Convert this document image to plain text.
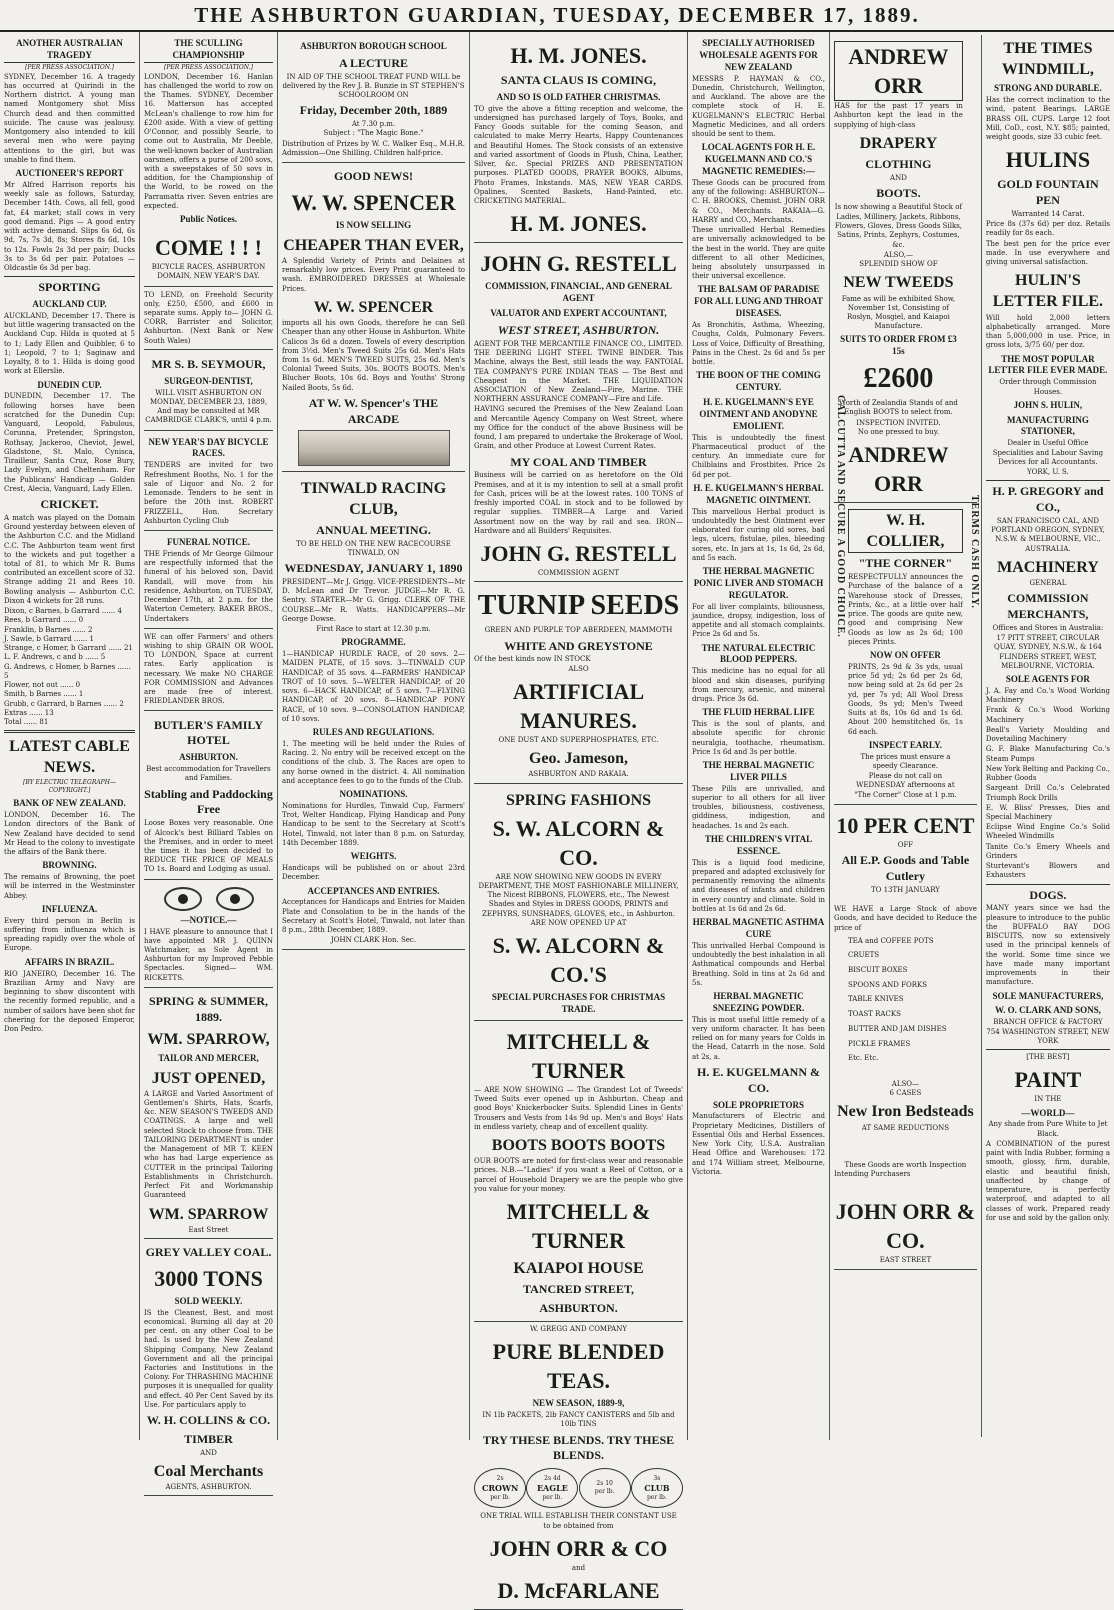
THE ASHBURTON GUARDIAN, TUESDAY, DECEMBER 17, 1889.
ANOTHER AUSTRALIAN TRAGEDY
[PER PRESS ASSOCIATION.]
SYDNEY, December 16. A tragedy has occurred at Quirindi in the Northern district. A young man named Montgomery shot Miss Church dead and then committed suicide. The cause was jealousy. Montgomery also intended to kill several men who were paying attentions to the girl, but was unable to find them.
AUCTIONEER'S REPORT
Mr Alfred Harrison reports his weekly sale as follows, Saturday, December 14th. Cows, all fell, good fat, £4 market; stall cows in very good demand. Pigs — A good entry with active demand. Slips 6s 6d, 6s 9d, 7s, 7s 3d, 8s; Stores 8s 6d, 10s to 12s. Fowls 2s 3d per pair; Ducks 3s to 3s 6d per pair. Potatoes — Oldcastle 6s 3d per bag.
SPORTING
AUCKLAND CUP.
AUCKLAND, December 17. There is but little wagering transacted on the Auckland Cup. Hilda is quoted at 5 to 1; Lady Ellen and Quibbler, 6 to 1; Leopold, 7 to 1; Saginaw and Loyalty, 8 to 1. Hilda is doing good work at Ellerslie.
DUNEDIN CUP.
DUNEDIN, December 17. The following horses have been scratched for the Dunedin Cup: Vanguard, Leopold, Fabulous, Corunna, Pretender, Springston, Rothsay, Jackeroo, Cheviot, Jewel, Gladstone, St. Malo, Cynisca, Tirailleur, Santa Cruz, Rose Bury, Lady Evelyn, and Cheltenham. For the Publicans' Handicap — Golden Crest, Alecia, Vanguard, Lady Ellen.
CRICKET.
A match was played on the Domain Ground yesterday between eleven of the Ashburton C.C. and the Midland C.C. The Ashburton team went first to the wickets and put together a total of 81, to which Mr R. Bums contributed an excellent score of 32. Strange adding 21 and Rees 10. Bowling analysis — Ashburton C.C. Dixon 4 wickets for 28 runs.
Dixon, c Barnes, b Garrard ...... 4
Rees, b Garrard ...... 0
Franklin, b Barnes ...... 2
J. Sawle, b Garrard ...... 1
Strange, c Homer, b Garrard ...... 21
L. F. Andrews, c and b ...... 5
G. Andrews, c Homer, b Barnes ...... 5
Flower, not out ...... 0
Smith, b Barnes ...... 1
Grubb, c Garrard, b Barnes ...... 2
Extras ...... 13
Total ...... 81
LATEST CABLE NEWS.
[BY ELECTRIC TELEGRAPH—COPYRIGHT.]
BANK OF NEW ZEALAND.
LONDON, December 16. The London directors of the Bank of New Zealand have decided to send Mr Head to the colony to investigate the affairs of the Bank there.
BROWNING.
The remains of Browning, the poet will be interred in the Westminster Abbey.
INFLUENZA.
Every third person in Berlin is suffering from influenza which is spreading rapidly over the whole of Europe.
AFFAIRS IN BRAZIL.
RIO JANEIRO, December 16. The Brazilian Army and Navy are beginning to show discontent with the recently formed republic, and a number of sailors have been shot for cheering for the deposed Emperor, Don Pedro.
THE SCULLING CHAMPIONSHIP
[PER PRESS ASSOCIATION.]
LONDON, December 16. Hanlan has challenged the world to row on the Thames. SYDNEY, December 16. Matterson has accepted McLean's challenge to row him for £200 aside. With a view of getting O'Connor, and possibly Searle, to come out to Australia, Mr Deeble, the well-known backer of Australian oarsmen, offers a purse of 200 sovs, with a sweepstakes of 50 sovs in addition, for the Championship of the World, to be rowed on the Parramatta river. Seven entries are expected.
Public Notices.
COME ! ! !
BICYCLE RACES, ASHBURTON DOMAIN, NEW YEAR'S DAY.
TO LEND, on Freehold Security only, £250, £500, and £600 in separate sums. Apply to— JOHN G. CORR, Barrister and Solicitor, Ashburton. (Next Bank or New South Wales)
MR S. B. SEYMOUR,
SURGEON-DENTIST,
WILL VISIT ASHBURTON ON MONDAY, DECEMBER 23, 1889, And may be consulted at MR CAMBRIDGE CLARK'S, until 4 p.m.
NEW YEAR'S DAY BICYCLE RACES.
TENDERS are invited for two Refreshment Booths, No. 1 for the sale of Liquor and No. 2 for Lemonade. Tenders to be sent in before the 20th inst. ROBERT FRIZZELL, Hon. Secretary Ashburton Cycling Club
FUNERAL NOTICE.
THE Friends of Mr George Gilmour are respectfully informed that the funeral of his beloved son, David Randall, will move from his residence, Ashburton, on TUESDAY, December 17th, at 2 p.m. for the Waterton Cemetery. BAKER BROS., Undertakers
WE can offer Farmers' and others wishing to ship GRAIN OR WOOL TO LONDON, Space at current rates. Early application is necessary. We make NO CHARGE FOR COMMISSION and Advances are made free of interest. FRIEDLANDER BROS.
BUTLER'S FAMILY HOTEL
ASHBURTON.
Best accommodation for Travellers and Families.
Stabling and Paddocking Free
Loose Boxes very reasonable. One of Alcock's best Billiard Tables on the Premises, and in order to meet the times it has been decided to REDUCE THE PRICE OF MEALS TO 1s. Board and Lodging as usual.
—NOTICE.—
I HAVE pleasure to announce that I have appointed MR J. QUINN Watchmaker, as Sole Agent in Ashburton for my Improved Pebble Spectacles. Signed— WM. RICKETTS.
SPRING & SUMMER, 1889.
WM. SPARROW,
TAILOR AND MERCER,
JUST OPENED,
A LARGE and Varied Assortment of Gentlemen's Shirts, Hats, Scarfs, &c. NEW SEASON'S TWEEDS AND COATINGS. A large and well selected Stock to choose from. THE TAILORING DEPARTMENT is under the Management of MR T. KEEN who has had Large experience as CUTTER in the principal Tailoring Establishments in Christchurch. Perfect Fit and Workmanship Guaranteed
WM. SPARROW
East Street
GREY VALLEY COAL.
3000 TONS
SOLD WEEKLY.
IS the Cleanest, Best, and most economical. Burning all day at 20 per cent. on any other Coal to be had. Is used by the New Zealand Shipping Company, New Zealand Government and all the principal Factories and Institutions in the Colony. For THRASHING MACHINE purposes it is unequalled for quality and effect. 40 Per Cent Saved by its Use. For particulars apply to
W. H. COLLINS & CO.
TIMBER
AND
Coal Merchants
AGENTS, ASHBURTON.
ASHBURTON BOROUGH SCHOOL
A LECTURE
IN AID OF THE SCHOOL TREAT FUND WILL be delivered by the Rev J. B. Bunzie in ST STEPHEN'S SCHOOLROOM ON
Friday, December 20th, 1889
At 7.30 p.m.
Subject : "The Magic Bone."
Distribution of Prizes by W. C. Walker Esq., M.H.R. Admission—One Shilling. Children half-price.
GOOD NEWS!
W. W. SPENCER
IS NOW SELLING
CHEAPER THAN EVER,
A Splendid Variety of Prints and Delaines at remarkably low prices. Every Print guaranteed to wash. EMBROIDERED DRESSES at Wholesale Prices.
W. W. SPENCER
imports all his own Goods, therefore he can Sell Cheaper than any other House in Ashburton. White Calicos 3s 6d a dozen. Towels of every description from 3½d. Men's Tweed Suits 25s 6d. Men's Hats from 1s 6d. MEN'S TWEED SUITS, 25s 6d. Men's Colonial Tweed Suits, 30s. BOOTS BOOTS. Men's Blucher Boots, 10s 6d. Boys and Youths' Strong Nailed Boots, 5s 6d.
AT W. W. Spencer's THE ARCADE
TINWALD RACING CLUB,
ANNUAL MEETING.
TO BE HELD ON THE NEW RACECOURSE TINWALD, ON
WEDNESDAY, JANUARY 1, 1890
PRESIDENT—Mr J. Grigg. VICE-PRESIDENTS—Mr D. McLean and Dr Trevor. JUDGE—Mr R. G. Sentry. STARTER—Mr G. Grigg. CLERK OF THE COURSE—Mr R. Watts. HANDICAPPERS—Mr George Dowse.
First Race to start at 12.30 p.m.
PROGRAMME.
1—HANDICAP HURDLE RACE, of 20 sovs. 2—MAIDEN PLATE, of 15 sovs. 3—TINWALD CUP HANDICAP, of 35 sovs. 4—FARMERS' HANDICAP TROT of 10 sovs. 5—WELTER HANDICAP, of 20 sovs. 6—HACK HANDICAP, of 5 sovs. 7—FLYING HANDICAP, of 20 sovs. 8—HANDICAP PONY RACE, of 10 sovs. 9—CONSOLATION HANDICAP, of 10 sovs.
RULES AND REGULATIONS.
1. The meeting will be held under the Rules of Racing. 2. No entry will be received except on the conditions of the club. 3. The Races are open to any horse owned in the district. 4. All nomination and acceptance fees to go to the funds of the Club.
NOMINATIONS.
Nominations for Hurdles, Tinwald Cup, Farmers' Trot, Welter Handicap, Flying Handicap and Pony Handicap to be sent to the Secretary at Scott's Hotel, Tinwald, not later than 8 p.m. on Saturday, 14th December 1889.
WEIGHTS.
Handicaps will be published on or about 23rd December.
ACCEPTANCES AND ENTRIES.
Acceptances for Handicaps and Entries for Maiden Plate and Consolation to be in the hands of the Secretary at Scott's Hotel, Tinwald, not later than 8 p.m., 28th December, 1889.
JOHN CLARK Hon. Sec.
H. M. JONES.
SANTA CLAUS IS COMING,
AND SO IS OLD FATHER CHRISTMAS.
TO give the above a fitting reception and welcome, the undersigned has purchased largely of Toys, Books, and Fancy Goods suitable for the coming Season, and calculated to make Merry Hearts, Happy Countenances and Beautiful Homes. The Stock consists of an extensive and varied assortment of Goods in Plush, China, Leather, Silver, &c. Special PRIZES AND PRESENTATION purposes. PLATED GOODS, PRAYER BOOKS, Albums, Photo Frames, Inkstands. MAS, NEW YEAR CARDS. Opalines, Scented Baskets, Hand-Painted, etc. CRICKETING MATERIAL.
H. M. JONES.
JOHN G. RESTELL
COMMISSION, FINANCIAL, AND GENERAL AGENT
VALUATOR AND EXPERT ACCOUNTANT,
WEST STREET, ASHBURTON.
AGENT FOR THE MERCANTILE FINANCE CO., LIMITED. THE DEERING LIGHT STEEL TWINE BINDER. This Machine, always the Best, still leads the way. FANTOIAL TEA COMPANY'S PURE INDIAN TEAS — The Best and Cheapest in the Market. THE LIQUIDATION ASSOCIATION of New Zealand—Fire, Marine. THE NORTHERN ASSURANCE COMPANY—Fire and Life.
HAVING secured the Premises of the New Zealand Loan and Mercantile Agency Company on West Street, where my Office for the conduct of the above Business will be found, I am prepared to undertake the Brokerage of Wool, Grain, and other Produce at Lowest Current Rates.
MY COAL AND TIMBER
Business will be carried on as heretofore on the Old Premises, and at it is my intention to sell at a small profit for Cash, prices will be at the lowest rates. 100 TONS of freshly imported COAL in stock and to be followed by regular supplies. TIMBER—A Large and Varied Assortment now on the way by rail and sea. IRON—Hardware and all Builders' Requisites.
JOHN G. RESTELL
COMMISSION AGENT
TURNIP SEEDS
GREEN AND PURPLE TOP ABERDEEN, MAMMOTH
WHITE AND GREYSTONE
Of the best kinds now IN STOCK
ALSO
ARTIFICIAL MANURES.
ONE DUST AND SUPERPHOSPHATES, ETC.
Geo. Jameson,
ASHBURTON AND RAKAIA.
SPRING FASHIONS
S. W. ALCORN & CO.
ARE NOW SHOWING NEW GOODS IN EVERY DEPARTMENT, THE MOST FASHIONABLE MILLINERY, The Nicest RIBBONS, FLOWERS, etc., The Newest Shades and Styles in DRESS GOODS, PRINTS and ZEPHYRS, SUNSHADES, GLOVES, etc., in Ashburton. ARE NOW OPENED UP AT
S. W. ALCORN & CO.'S
SPECIAL PURCHASES FOR CHRISTMAS TRADE.
MITCHELL & TURNER
— ARE NOW SHOWING — The Grandest Lot of Tweeds' Tweed Suits ever opened up in Ashburton. Cheap and good Boys' Knickerbocker Suits. Splendid Lines in Gents' Trousers and Vests from 14s 9d up. Men's and Boys' Hats in endless variety, cheap and of excellent quality.
BOOTS BOOTS BOOTS
OUR BOOTS are noted for first-class wear and reasonable prices. N.B.—"Ladies" if you want a Reel of Cotton, or a parcel of Household Drapery we are the people who give you value for your money.
MITCHELL & TURNER
KAIAPOI HOUSE
TANCRED STREET,
ASHBURTON.
W. GREGG AND COMPANY
PURE BLENDED TEAS.
NEW SEASON, 1889-9,
IN 1lb PACKETS, 2lb FANCY CANISTERS and 5lb and 10lb TINS
TRY THESE BLENDS. TRY THESE BLENDS.
2s
CROWN
per lb.
2s 4d
EAGLE
per lb.
2s 10
per lb.
3s
CLUB
per lb.
ONE TRIAL WILL ESTABLISH THEIR CONSTANT USE
to be obtained from
JOHN ORR & CO
and
D. McFARLANE
SPECIALLY AUTHORISED WHOLESALE AGENTS FOR NEW ZEALAND
MESSRS P. HAYMAN & CO., Dunedin, Christchurch, Wellington, and Auckland. The above are the complete stock of H. E. KUGELMANN'S ELECTRIC Herbal Magnetic Medicines, and all orders should be sent to them.
LOCAL AGENTS FOR H. E. KUGELMANN AND CO.'S MAGNETIC REMEDIES:—
These Goods can be procured from any of the following: ASHBURTON—C. H. BROOKS, Chemist. JOHN ORR & CO., Merchants. RAKAIA—G. HARRY and CO., Merchants.
These unrivalled Herbal Remedies are universally acknowledged to be the best in the world. They are quite different to all other Medicines, being absolutely unsurpassed in their universal excellence.
THE BALSAM OF PARADISE FOR ALL LUNG AND THROAT DISEASES.
As Bronchitis, Asthma, Wheezing, Coughs, Colds, Pulmonary Fevers. Loss of Voice, Difficulty of Breathing, Pains in the Chest. 2s 6d and 5s per bottle.
THE BOON OF THE COMING CENTURY.
H. E. KUGELMANN'S EYE OINTMENT AND ANODYNE EMOLIENT.
This is undoubtedly the finest Pharmaceutical product of the century. An immediate cure for Chilblains and Frostbites. Price 2s 6d per pot.
H. E. KUGELMANN'S HERBAL MAGNETIC OINTMENT.
This marvellous Herbal product is undoubtedly the best Ointment ever elaborated for curing old sores, bad legs, ulcers, fistulae, piles, bleeding sores, etc. In jars at 1s, 1s 6d, 2s 6d, and 5s each.
THE HERBAL MAGNETIC PONIC LIVER AND STOMACH REGULATOR.
For all liver complaints, biliousness, jaundice, dropsy, indigestion, loss of appetite and all stomach complaints. Price 2s 6d and 5s.
THE NATURAL ELECTRIC BLOOD PEPPERS.
This medicine has no equal for all blood and skin diseases, purifying from mercury, arsenic, and mineral drugs. Price 3s 6d.
THE FLUID HERBAL LIFE
This is the soul of plants, and absolute specific for chronic neuralgia, toothache, rheumatism. Price 1s 6d and 3s per bottle.
THE HERBAL MAGNETIC LIVER PILLS
These Pills are unrivalled, and superior to all others for all liver troubles, biliousness, costiveness, giddiness, indigestion, and headaches. 1s and 2s each.
THE CHILDREN'S VITAL ESSENCE.
This is a liquid food medicine, prepared and adapted exclusively for permanently removing the ailments and diseases of infants and children in every country and climate. Sold in bottles at 1s 6d and 2s 6d.
HERBAL MAGNETIC ASTHMA CURE
This unrivalled Herbal Compound is undoubtedly the best inhalation in all Asthmatical compounds and Herbal Breathing. Sold in tins at 2s 6d and 5s.
HERBAL MAGNETIC SNEEZING POWDER.
This is most useful little remedy of a very uniform character. It has been relied on for many years for Colds in the Head, Catarrh in the nose. Sold at 2s, a.
H. E. KUGELMANN & CO.
SOLE PROPRIETORS
Manufacturers of Electric and Proprietary Medicines, Distillers of Essential Oils and Herbal Essences. New York City, U.S.A. Australian Head Office and Warehouses: 172 and 174 William street, Melbourne, Victoria.
ANDREW ORR
HAS for the past 17 years in Ashburton kept the lead in the supplying of high-class
DRAPERY
CLOTHING
AND
BOOTS.
Is now showing a Beautiful Stock of
Ladies, Millinery, Jackets, Ribbons, Flowers, Gloves, Dress Goods Silks, Satins, Prints, Zephyrs, Costumes, &c.
ALSO,—
SPLENDID SHOW OF
NEW TWEEDS
Fame as will be exhibited Show, November 1st, Consisting of Roslyn, Mosgiel, and Kaiapoi Manufacture.
SUITS TO ORDER FROM £3 15s
£2600
Worth of Zealandia Stands of and English BOOTS to select from.
INSPECTION INVITED.
No one pressed to buy.
ANDREW ORR
W. H. COLLIER,
"THE CORNER"
RESPECTFULLY announces the Purchase of the balance of a Warehouse stock of Dresses, Prints, &c., at a little over half price. The goods are quite new, good and comprising New Goods as low as 2s 6d; 100 pieces Prints.
NOW ON OFFER
PRINTS, 2s 9d & 3s yds, usual price 5d yd; 2s 6d per 2s 6d, now being sold at 2s 6d per 2s yd, per 7s yd; All Wool Dress Goods, 9s yd; Men's Tweed Suits at 8s, 10s 6d and 1s 6d. About 200 hemstitched 6s, 1s 6d each.
INSPECT EARLY.
The prices must ensure a speedy Clearance.
Please do not call on WEDNESDAY afternoons at "The Corner" Close at 1 p.m.
10 PER CENT
OFF
All E.P. Goods and Table Cutlery
TO 13TH JANUARY
WE HAVE a Large Stock of above Goods, and have decided to Reduce the price of
TEA and COFFEE POTS
CRUETS
BISCUIT BOXES
SPOONS AND FORKS
TABLE KNIVES
TOAST RACKS
BUTTER AND JAM DISHES
PICKLE FRAMES
Etc. Etc.
ALSO—
6 CASES
New Iron Bedsteads
AT SAME REDUCTIONS
These Goods are worth Inspection
Intending Purchasers
JOHN ORR & CO.
EAST STREET
CALCUTTA AND SECURE A GOOD CHOICE.	TERMS CASH ONLY.
THE TIMES WINDMILL,
STRONG AND DURABLE.
Has the correct inclination to the wind, patent Bearings. LARGE BRASS OIL CUPS. Large 12 foot Mill, CoD., cost, N.Y. $85; painted, weight goods, size 33 cubic feet.
HULINS
GOLD FOUNTAIN PEN
Warranted 14 Carat.
Price 8s (37s 6d) per doz. Retails readily for 8s each.
The best pen for the price ever made. In use everywhere and giving universal satisfaction.
HULIN'S LETTER FILE.
Will hold 2,000 letters alphabetically arranged. More than 5,000,000 in use. Price, in gross lots, 3/75 60/ per doz.
THE MOST POPULAR LETTER FILE EVER MADE.
Order through Commission Houses.
JOHN S. HULIN,
MANUFACTURING STATIONER,
Dealer in Useful Office Specialities and Labour Saving Devices for all Accountants.
YORK, U. S.
H. P. GREGORY and CO.,
SAN FRANCISCO CAL, AND
PORTLAND OREGON, SYDNEY,
N.S.W. & MELBOURNE, VIC.,
AUSTRALIA.
MACHINERY
GENERAL
COMMISSION MERCHANTS,
Offices and Stores in Australia:
17 PITT STREET, CIRCULAR QUAY, SYDNEY, N.S.W., & 164 FLINDERS STREET, WEST, MELBOURNE, VICTORIA.
SOLE AGENTS FOR
J. A. Fay and Co.'s Wood Working Machinery
Frank & Co.'s Wood Working Machinery
Beall's Variety Moulding and Dovetailing Machinery
G. F. Blake Manufacturing Co.'s Steam Pumps
New York Belting and Packing Co., Rubber Goods
Sargeant Drill Co.'s Celebrated Triumph Rock Drills
E. W. Bliss' Presses, Dies and Special Machinery
Eclipse Wind Engine Co.'s Solid Wheeled Windmills
Tanite Co.'s Emery Wheels and Grinders
Sturtevant's Blowers and Exhausters
DOGS.
MANY years since we had the pleasure to introduce to the public the BUFFALO BAY DOG BISCUITS, now so extensively used in the principal kennels of the world. Some time since we have made many important improvements in their manufacture.
SOLE MANUFACTURERS,
W. O. CLARK AND SONS,
BRANCH OFFICE & FACTORY
754 WASHINGTON STREET, NEW YORK
[THE BEST]
PAINT
IN THE
—WORLD—
Any shade from Pure White to Jet Black.
A COMBINATION of the purest paint with India Rubber, forming a smooth, glossy, firm, durable, elastic and beautiful finish, unaffected by change of temperature, is perfectly waterproof, and adapted to all classes of work. Prepared ready for use and sold by the gallon only.
